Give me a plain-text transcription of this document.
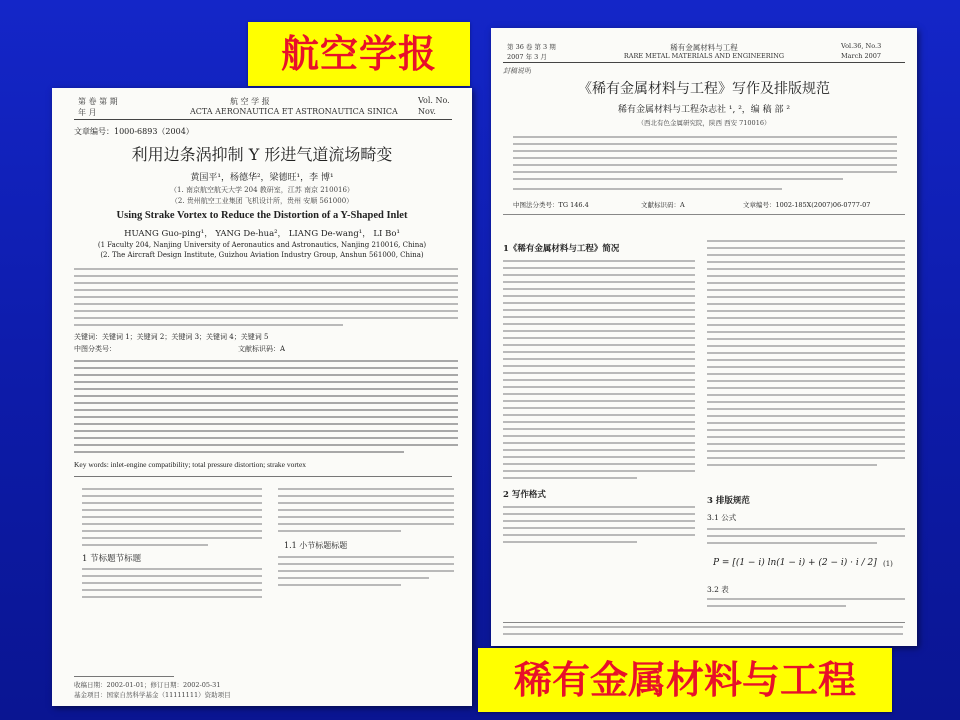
航空学报
第 卷 第 期
年 月
航 空 学 报
ACTA AERONAUTICA ET ASTRONAUTICA SINICA
Vol. No.
Nov.
文章编号：1000-6893（2004）
利用边条涡抑制 Y 形进气道流场畸变
黄国平¹，杨德华²，梁德旺¹，李 博¹
（1. 南京航空航天大学 204 教研室，江苏 南京 210016）
（2. 贵州航空工业集团 飞机设计所，贵州 安顺 561000）
Using Strake Vortex to Reduce the Distortion of a Y-Shaped Inlet
HUANG Guo-ping¹， YANG De-hua²， LIANG De-wang¹， LI Bo¹
(1 Faculty 204, Nanjing University of Aeronautics and Astronautics, Nanjing 210016, China)
(2. The Aircraft Design Institute, Guizhou Aviation Industry Group, Anshun 561000, China)
关键词：关键词 1；关键词 2；关键词 3；关键词 4；关键词 5
中图分类号：	文献标识码：A
Key words: inlet-engine compatibility; total pressure distortion; strake vortex
1 节标题节标题
1.1 小节标题标题
收稿日期：2002-01-01；修订日期：2002-05-31
基金项目：国家自然科学基金（11111111）资助项目
第 36 卷 第 3 期
2007 年 3 月
稀有金属材料与工程
RARE METAL MATERIALS AND ENGINEERING
Vol.36, No.3
March 2007
封稿说明
《稀有金属材料与工程》写作及排版规范
稀有金属材料与工程杂志社 ¹, ²，编 稿 部 ²
（西北有色金属研究院，陕西 西安 710016）
中图法分类号：TG 146.4	文献标识码：A	文章编号：1002-185X(2007)06-0777-07
1《稀有金属材料与工程》简况
2 写作格式
3 排版规范
3.1 公式
P = [(1 − i) ln(1 − i) + (2 − i) · i / 2] (1)
3.2 表
稀有金属材料与工程
